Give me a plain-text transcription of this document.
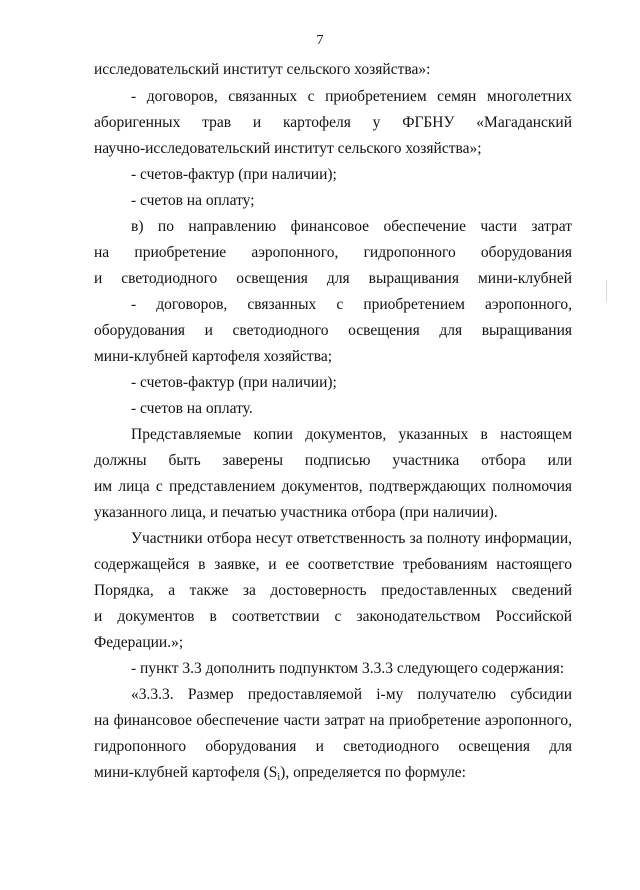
7
исследовательский институт сельского хозяйства»:
- договоров, связанных с приобретением семян многолетних
аборигенных трав и картофеля у ФГБНУ «Магаданский
научно-исследовательский институт сельского хозяйства»;
- счетов-фактур (при наличии);
- счетов на оплату;
в) по направлению финансовое обеспечение части затрат
на приобретение аэропонного, гидропонного оборудования
и светодиодного освещения для выращивания мини-клубней
- договоров, связанных с приобретением аэропонного,
оборудования и светодиодного освещения для выращивания
мини-клубней картофеля хозяйства;
- счетов-фактур (при наличии);
- счетов на оплату.
Представляемые копии документов, указанных в настоящем
должны быть заверены подписью участника отбора или
им лица с представлением документов, подтверждающих полномочия
указанного лица, и печатью участника отбора (при наличии).
Участники отбора несут ответственность за полноту информации,
содержащейся в заявке, и ее соответствие требованиям настоящего
Порядка, а также за достоверность предоставленных сведений
и документов в соответствии с законодательством Российской
Федерации.»;
- пункт 3.3 дополнить подпунктом 3.3.3 следующего содержания:
«3.3.3. Размер предоставляемой i-му получателю субсидии
на финансовое обеспечение части затрат на приобретение аэропонного,
гидропонного оборудования и светодиодного освещения для
мини-клубней картофеля $(S_i)$, определяется по формуле:
